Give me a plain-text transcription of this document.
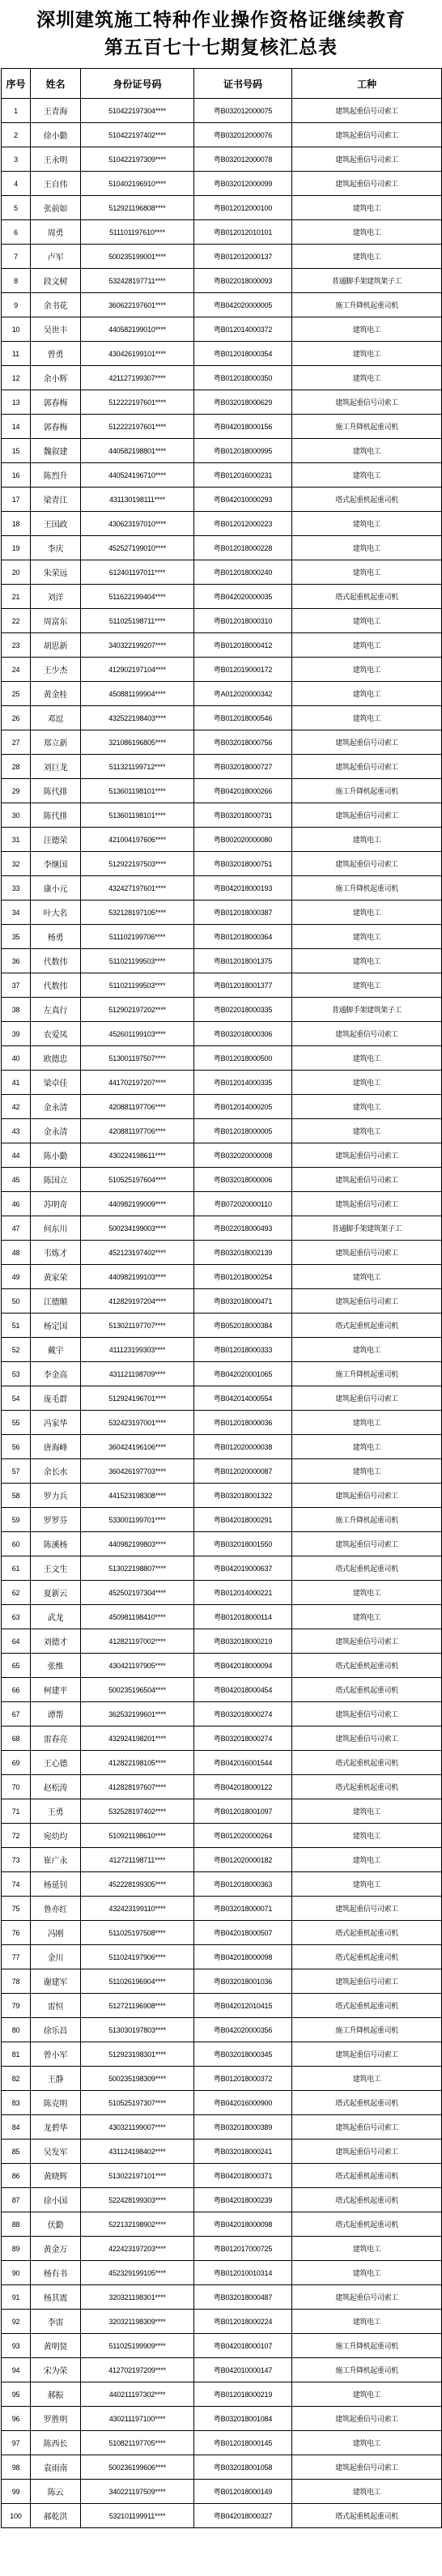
深圳建筑施工特种作业操作资格证继续教育
第五百七十七期复核汇总表
序号	姓名	身份证号码	证书号码	工种
1	王青海	510422197304****	粤B032012000075	建筑起重信号司索工
2	徐小勤	510422197402****	粤B032012000076	建筑起重信号司索工
3	王永明	510422197309****	粤B032012000078	建筑起重信号司索工
4	王自伟	510402196910****	粤B032012000099	建筑起重信号司索工
5	张前如	512921196808****	粤B012012000100	建筑电工
6	周勇	511101197610****	粤B012012010101	建筑电工
7	卢军	500235199001****	粤B012012000137	建筑电工
8	段文树	532428197711****	粤B022018000093	普通脚手架建筑架子工
9	余书花	360622197601****	粤B042020000005	施工升降机起重司机
10	吴世丰	440582199010****	粤B012014000372	建筑电工
11	曾勇	430426199101****	粤B012018000354	建筑电工
12	余小辉	421127199307****	粤B012018000350	建筑电工
13	郭春梅	512222197601****	粤B032018000629	建筑起重信号司索工
14	郭春梅	512222197601****	粤B042018000156	施工升降机起重司机
15	魏叙建	440582198801****	粤B012018000995	建筑电工
16	陈烈升	440524196710****	粤B012016000231	建筑电工
17	梁青江	431130198111****	粤B042010000293	塔式起重机起重司机
18	王国政	430623197010****	粤B012012000223	建筑电工
19	李庆	452527199010****	粤B012018000228	建筑电工
20	朱荣远	612401197011****	粤B012018000240	建筑电工
21	刘洋	511622199404****	粤B042020000035	塔式起重机起重司机
22	周富东	511025198711****	粤B012018000310	建筑电工
23	胡思新	340322199207****	粤B012018000412	建筑电工
24	王少杰	412902197104****	粤B012019000172	建筑电工
25	黄金桂	450881199904****	粤A012020000342	建筑电工
26	邓逗	432522198403****	粤B012018000546	建筑电工
27	郑立新	321086196805****	粤B032018000756	建筑起重信号司索工
28	刘巨龙	511321199712****	粤B032018000727	建筑起重信号司索工
29	陈代排	513601198101****	粤B042018000266	施工升降机起重司机
30	陈代排	513601198101****	粤B032018000731	建筑起重信号司索工
31	汪德荣	421004197606****	粤B002020000080	建筑电工
32	李继国	512922197503****	粤B032018000751	建筑起重信号司索工
33	康小元	432427197601****	粤B042018000193	施工升降机起重司机
34	叶大名	532128197105****	粤B012018000387	建筑电工
35	杨勇	511102199706****	粤B012018000364	建筑电工
36	代数伟	511021199503****	粤B012018001375	建筑电工
37	代数伟	511021199503****	粤B012018001377	建筑电工
38	左真行	512902197202****	粤B022018000335	普通脚手架建筑架子工
39	农爱凤	452601199103****	粤B032018000306	建筑起重信号司索工
40	欧德忠	513001197507****	粤B012018000500	建筑电工
41	梁卓佳	441702197207****	粤B012014000335	建筑电工
42	金永清	420881197706****	粤B012014000205	建筑电工
43	金永清	420881197706****	粤B012018000005	建筑电工
44	陈小勤	430224198611****	粤B032020000008	建筑起重信号司索工
45	陈国立	510525197604****	粤B032018000006	建筑起重信号司索工
46	苏明奇	440982199009****	粤B072020000110	建筑起重信号司索工
47	何东川	500234199003****	粤B022018000493	普通脚手架建筑架子工
48	韦炼才	452123197402****	粤B032018002139	建筑起重信号司索工
49	黄家荣	440982199103****	粤B012018000254	建筑电工
50	江德顺	412829197204****	粤B032018000471	建筑起重信号司索工
51	杨定国	513021197707****	粤B052018000384	塔式起重机起重司机
52	戴宇	411123199303****	粤B012018000333	建筑电工
53	李金高	431121198709****	粤B042020001065	施工升降机起重司机
54	庞毛群	512924196701****	粤B042014000554	建筑起重信号司索工
55	冯家华	532423197001****	粤B012018000036	建筑电工
56	唐海峰	360424196106****	粤B012020000038	建筑电工
57	余长水	360426197703****	粤B012020000087	建筑电工
58	罗力兵	441523198308****	粤B032018001322	建筑起重信号司索工
59	罗罗芬	533001199701****	粤B042018000291	施工升降机起重司机
60	陈溪杨	440982199803****	粤B032018001550	建筑起重信号司索工
61	王文生	513022198807****	粤B042019000637	塔式起重机起重司机
62	夏新云	452502197304****	粤B012014000221	建筑电工
63	武龙	450981198410****	粤B012018000114	建筑电工
64	刘德才	412821197002****	粤B032018000219	建筑起重信号司索工
65	张维	430421197905****	粤B042018000094	塔式起重机起重司机
66	柯建平	500235196504****	粤B042018000454	塔式起重机起重司机
67	谭帮	362532199601****	粤B032018000274	建筑起重信号司索工
68	雷春亮	432924198201****	粤B032018000274	建筑起重信号司索工
69	王心德	412822198105****	粤B042016001544	塔式起重机起重司机
70	赵松涛	412828197607****	粤B042018000122	塔式起重机起重司机
71	王勇	532528197402****	粤B012018001097	建筑电工
72	宛幼均	510921198610****	粤B012020000264	建筑电工
73	崔广永	412721198711****	粤B012020000182	建筑电工
74	杨延钊	452228199305****	粤B012018000363	建筑电工
75	鲁亦红	432423199110****	粤B032018000071	建筑起重信号司索工
76	冯刚	511025197508****	粤B042018000507	塔式起重机起重司机
77	金川	511024197906****	粤B042018000098	塔式起重机起重司机
78	谢建军	511026196904****	粤B032018001036	建筑起重信号司索工
79	雷恒	512721196908****	粤B042012010415	塔式起重机起重司机
80	徐乐昌	513030197803****	粤B042020000356	施工升降机起重司机
81	曾小军	512923198301****	粤B032018000345	建筑起重信号司索工
82	王静	500235198309****	粤B012018000372	建筑电工
83	陈克明	510525197307****	粤B042016000900	塔式起重机起重司机
84	龙碧华	430321199007****	粤B032018000389	建筑起重信号司索工
85	吴发军	431124198402****	粤B032018000241	建筑起重信号司索工
86	黄晓辉	513022197101****	粤B042018000371	塔式起重机起重司机
87	徐小国	522428199303****	粤B042018000239	塔式起重机起重司机
88	伏勤	522132198902****	粤B042018000098	塔式起重机起重司机
89	黄金万	422423197203****	粤B012017000725	建筑电工
90	杨有书	452329199105****	粤B012010010314	建筑电工
91	杨其震	320321198301****	粤B032018000487	建筑起重信号司索工
92	李雷	320321198309****	粤B012018000224	建筑电工
93	黄明贤	511025199909****	粤B042018000107	施工升降机起重司机
94	宋为荣	412702197209****	粤B042010000147	施工升降机起重司机
95	郝振	440211197302****	粤B012018000219	建筑电工
96	罗胜明	430211197100****	粤B032018001084	建筑起重信号司索工
97	陈西长	510821197705****	粤B012018000145	建筑电工
98	袁雨南	500236199606****	粤B032018001058	建筑起重信号司索工
99	陈云	340221197509****	粤B012018000149	建筑电工
100	郝乾洪	532101199911****	粤B042018000327	塔式起重机起重司机
